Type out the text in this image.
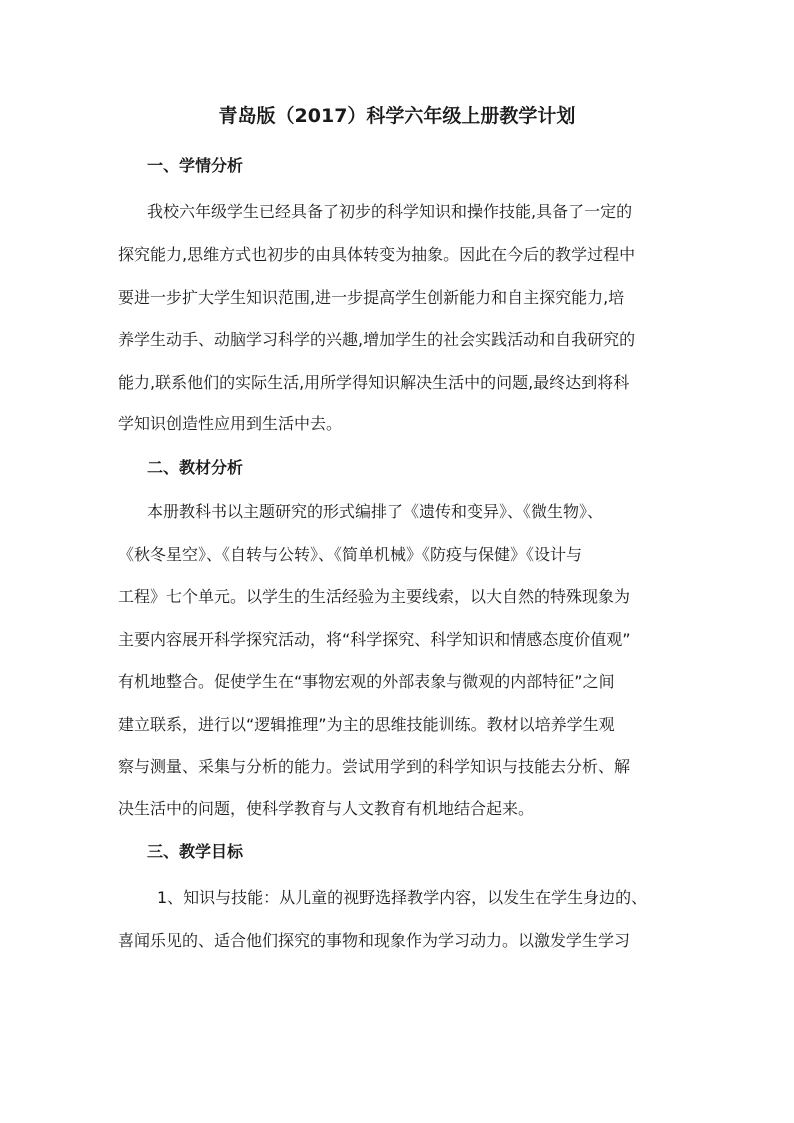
青岛版（2017）科学六年级上册教学计划
一、学情分析
我校六年级学生已经具备了初步的科学知识和操作技能,具备了一定的
探究能力,思维方式也初步的由具体转变为抽象。因此在今后的教学过程中
要进一步扩大学生知识范围,进一步提高学生创新能力和自主探究能力,培
养学生动手、动脑学习科学的兴趣,增加学生的社会实践活动和自我研究的
能力,联系他们的实际生活,用所学得知识解决生活中的问题,最终达到将科
学知识创造性应用到生活中去。
二、教材分析
本册教科书以主题研究的形式编排了《遗传和变异》、《微生物》、
《秋冬星空》、《自转与公转》、《简单机械》《防疫与保健》《设计与
工程》七个单元。以学生的生活经验为主要线索，以大自然的特殊现象为
主要内容展开科学探究活动，将“科学探究、科学知识和情感态度价值观”
有机地整合。促使学生在“事物宏观的外部表象与微观的内部特征”之间
建立联系，进行以“逻辑推理”为主的思维技能训练。教材以培养学生观
察与测量、采集与分析的能力。尝试用学到的科学知识与技能去分析、解
决生活中的问题，使科学教育与人文教育有机地结合起来。
三、教学目标
1、知识与技能：从儿童的视野选择教学内容，以发生在学生身边的、
喜闻乐见的、适合他们探究的事物和现象作为学习动力。以激发学生学习
